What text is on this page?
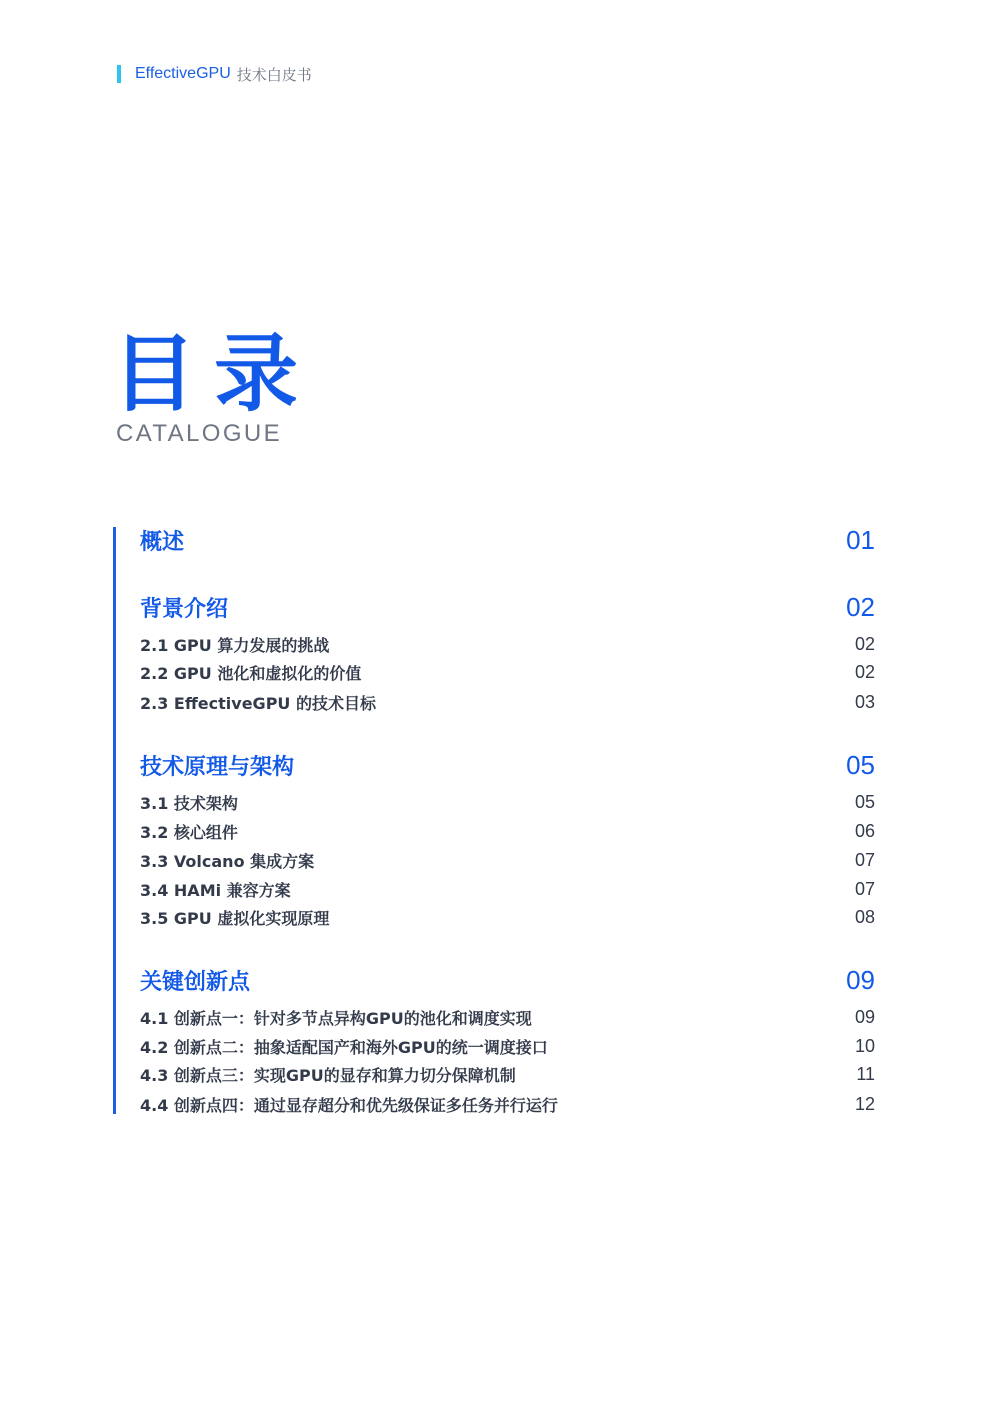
EffectiveGPU 技术白皮书
目录
CATALOGUE
概述	01
背景介绍	02
2.1 GPU 算力发展的挑战	02
2.2 GPU 池化和虚拟化的价值	02
2.3 EffectiveGPU 的技术目标	03
技术原理与架构	05
3.1 技术架构	05
3.2 核心组件	06
3.3 Volcano 集成方案	07
3.4 HAMi 兼容方案	07
3.5 GPU 虚拟化实现原理	08
关键创新点	09
4.1 创新点一：针对多节点异构GPU的池化和调度实现	09
4.2 创新点二：抽象适配国产和海外GPU的统一调度接口	10
4.3 创新点三：实现GPU的显存和算力切分保障机制	11
4.4 创新点四：通过显存超分和优先级保证多任务并行运行	12
